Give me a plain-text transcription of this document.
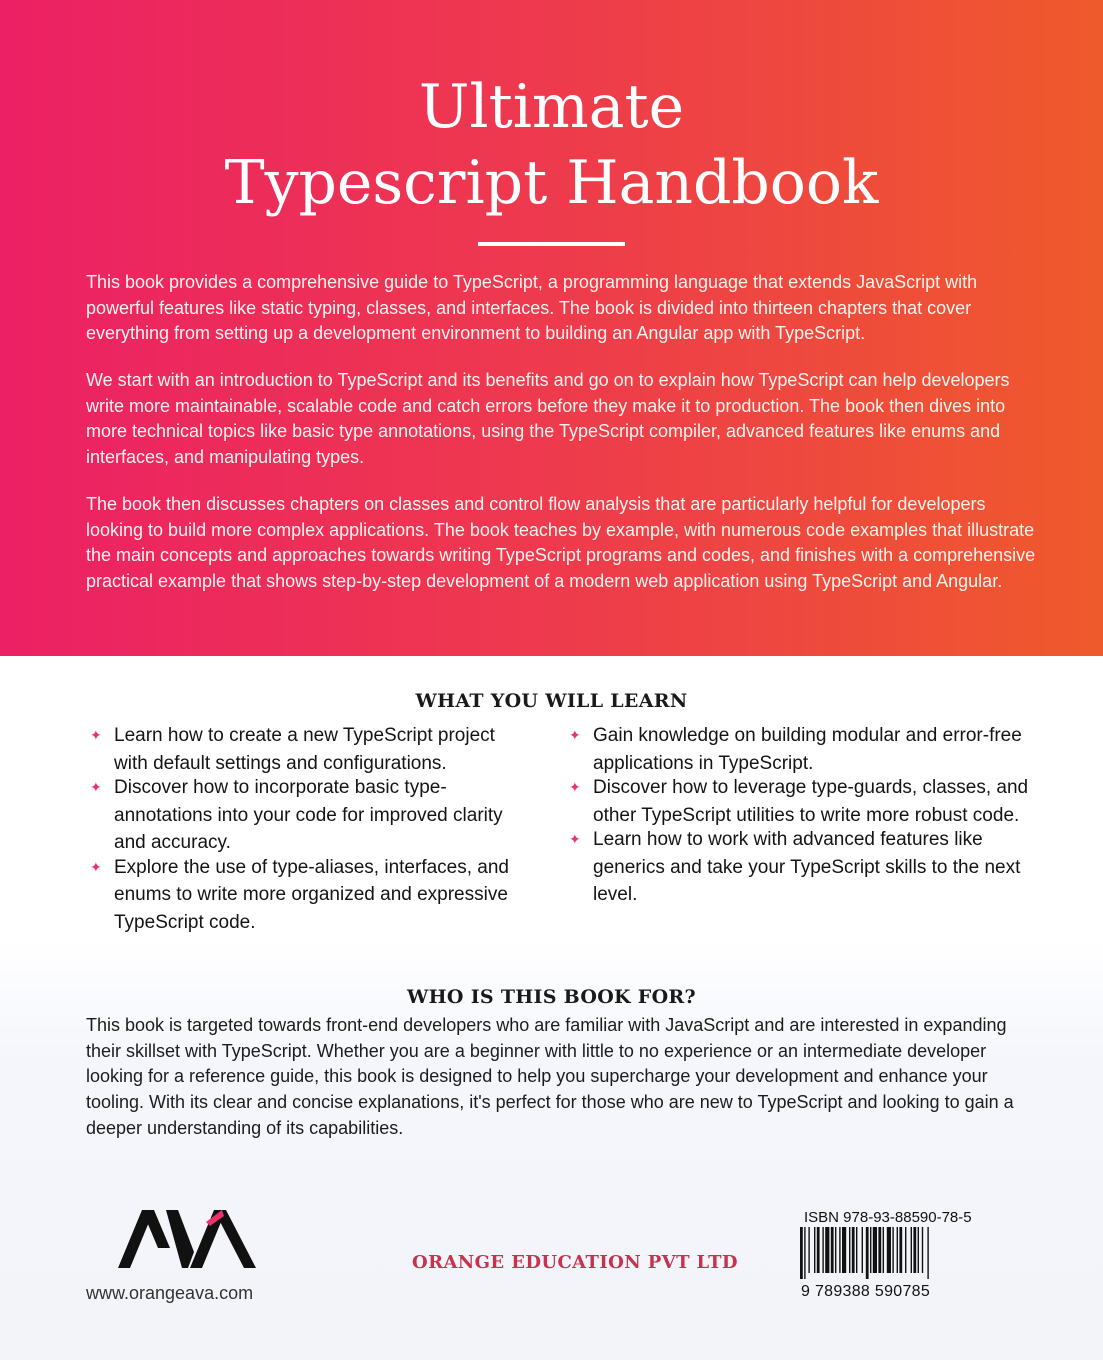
Ultimate
Typescript Handbook

This book provides a comprehensive guide to TypeScript, a programming language that extends JavaScript with powerful features like static typing, classes, and interfaces. The book is divided into thirteen chapters that cover everything from setting up a development environment to building an Angular app with TypeScript.

We start with an introduction to TypeScript and its benefits and go on to explain how TypeScript can help developers write more maintainable, scalable code and catch errors before they make it to production. The book then dives into more technical topics like basic type annotations, using the TypeScript compiler, advanced features like enums and interfaces, and manipulating types.

The book then discusses chapters on classes and control flow analysis that are particularly helpful for developers looking to build more complex applications. The book teaches by example, with numerous code examples that illustrate the main concepts and approaches towards writing TypeScript programs and codes, and finishes with a comprehensive practical example that shows step-by-step development of a modern web application using TypeScript and Angular.

WHAT YOU WILL LEARN
✦ Learn how to create a new TypeScript project with default settings and configurations.
✦ Discover how to incorporate basic type-annotations into your code for improved clarity and accuracy.
✦ Explore the use of type-aliases, interfaces, and enums to write more organized and expressive TypeScript code.
✦ Gain knowledge on building modular and error-free applications in TypeScript.
✦ Discover how to leverage type-guards, classes, and other TypeScript utilities to write more robust code.
✦ Learn how to work with advanced features like generics and take your TypeScript skills to the next level.
WHO IS THIS BOOK FOR?

This book is targeted towards front-end developers who are familiar with JavaScript and are interested in expanding their skillset with TypeScript. Whether you are a beginner with little to no experience or an intermediate developer looking for a reference guide, this book is designed to help you supercharge your development and enhance your tooling. With its clear and concise explanations, it's perfect for those who are new to TypeScript and looking to gain a deeper understanding of its capabilities.

www.orangeava.com

ORANGE EDUCATION PVT LTD

ISBN 978-93-88590-78-5

9 789388 590785
